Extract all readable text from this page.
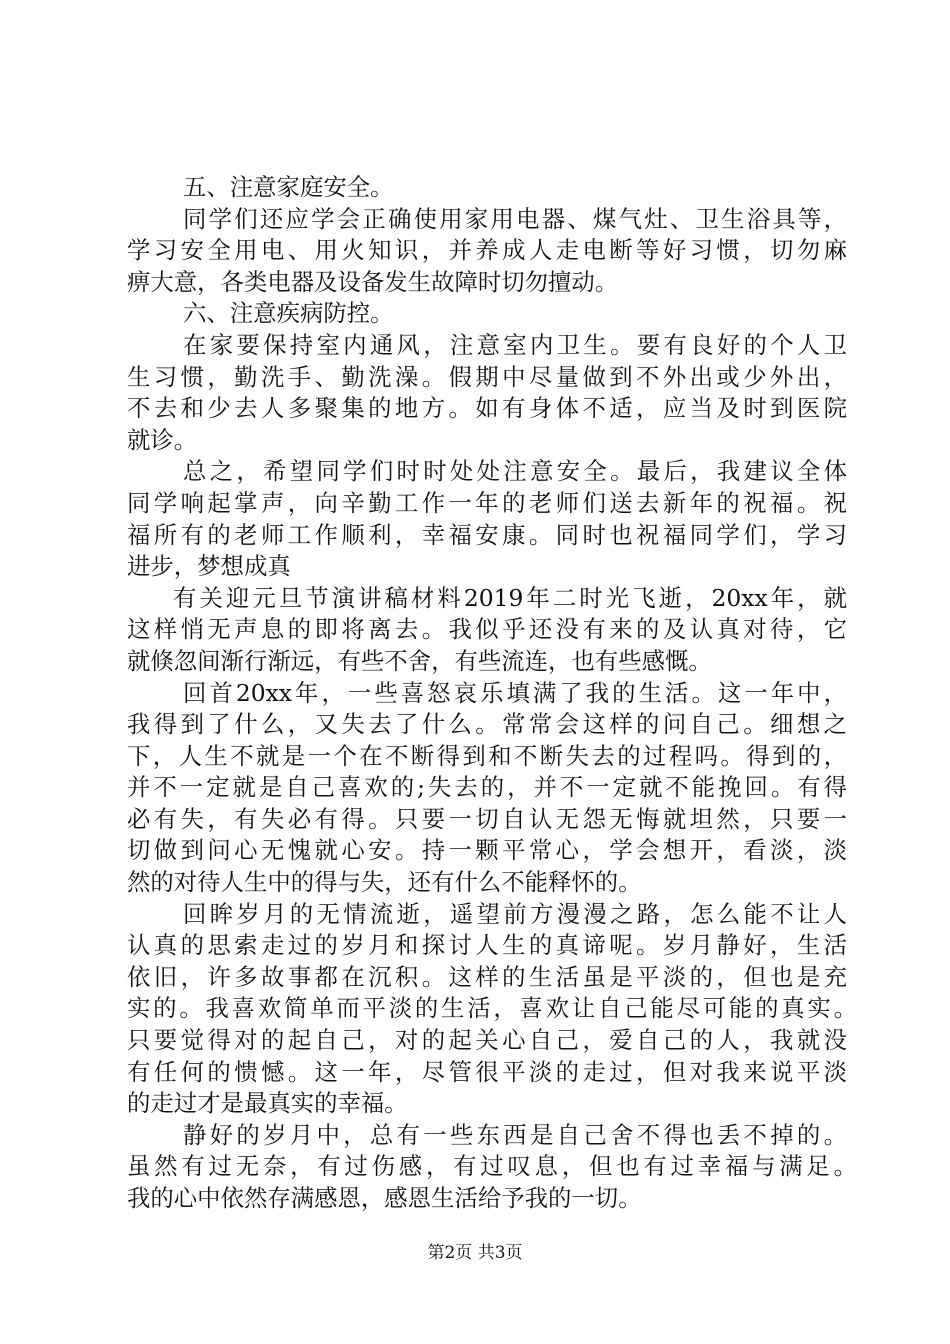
五、注意家庭安全。
同学们还应学会正确使用家用电器、煤气灶、卫生浴具等，
学习安全用电、用火知识，并养成人走电断等好习惯，切勿麻
痹大意，各类电器及设备发生故障时切勿擅动。
六、注意疾病防控。
在家要保持室内通风，注意室内卫生。要有良好的个人卫
生习惯，勤洗手、勤洗澡。假期中尽量做到不外出或少外出，
不去和少去人多聚集的地方。如有身体不适，应当及时到医院
就诊。
总之，希望同学们时时处处注意安全。最后，我建议全体
同学响起掌声，向辛勤工作一年的老师们送去新年的祝福。祝
福所有的老师工作顺利，幸福安康。同时也祝福同学们，学习
进步，梦想成真
有关迎元旦节演讲稿材料2019年二时光飞逝，20xx年，就
这样悄无声息的即将离去。我似乎还没有来的及认真对待，它
就倏忽间渐行渐远，有些不舍，有些流连，也有些感慨。
回首20xx年，一些喜怒哀乐填满了我的生活。这一年中，
我得到了什么，又失去了什么。常常会这样的问自己。细想之
下，人生不就是一个在不断得到和不断失去的过程吗。得到的，
并不一定就是自己喜欢的;失去的，并不一定就不能挽回。有得
必有失，有失必有得。只要一切自认无怨无悔就坦然，只要一
切做到问心无愧就心安。持一颗平常心，学会想开，看淡，淡
然的对待人生中的得与失，还有什么不能释怀的。
回眸岁月的无情流逝，遥望前方漫漫之路，怎么能不让人
认真的思索走过的岁月和探讨人生的真谛呢。岁月静好，生活
依旧，许多故事都在沉积。这样的生活虽是平淡的，但也是充
实的。我喜欢简单而平淡的生活，喜欢让自己能尽可能的真实。
只要觉得对的起自己，对的起关心自己，爱自己的人，我就没
有任何的愦憾。这一年，尽管很平淡的走过，但对我来说平淡
的走过才是最真实的幸福。
静好的岁月中，总有一些东西是自己舍不得也丢不掉的。
虽然有过无奈，有过伤感，有过叹息，但也有过幸福与满足。
我的心中依然存满感恩，感恩生活给予我的一切。
第2页 共3页
